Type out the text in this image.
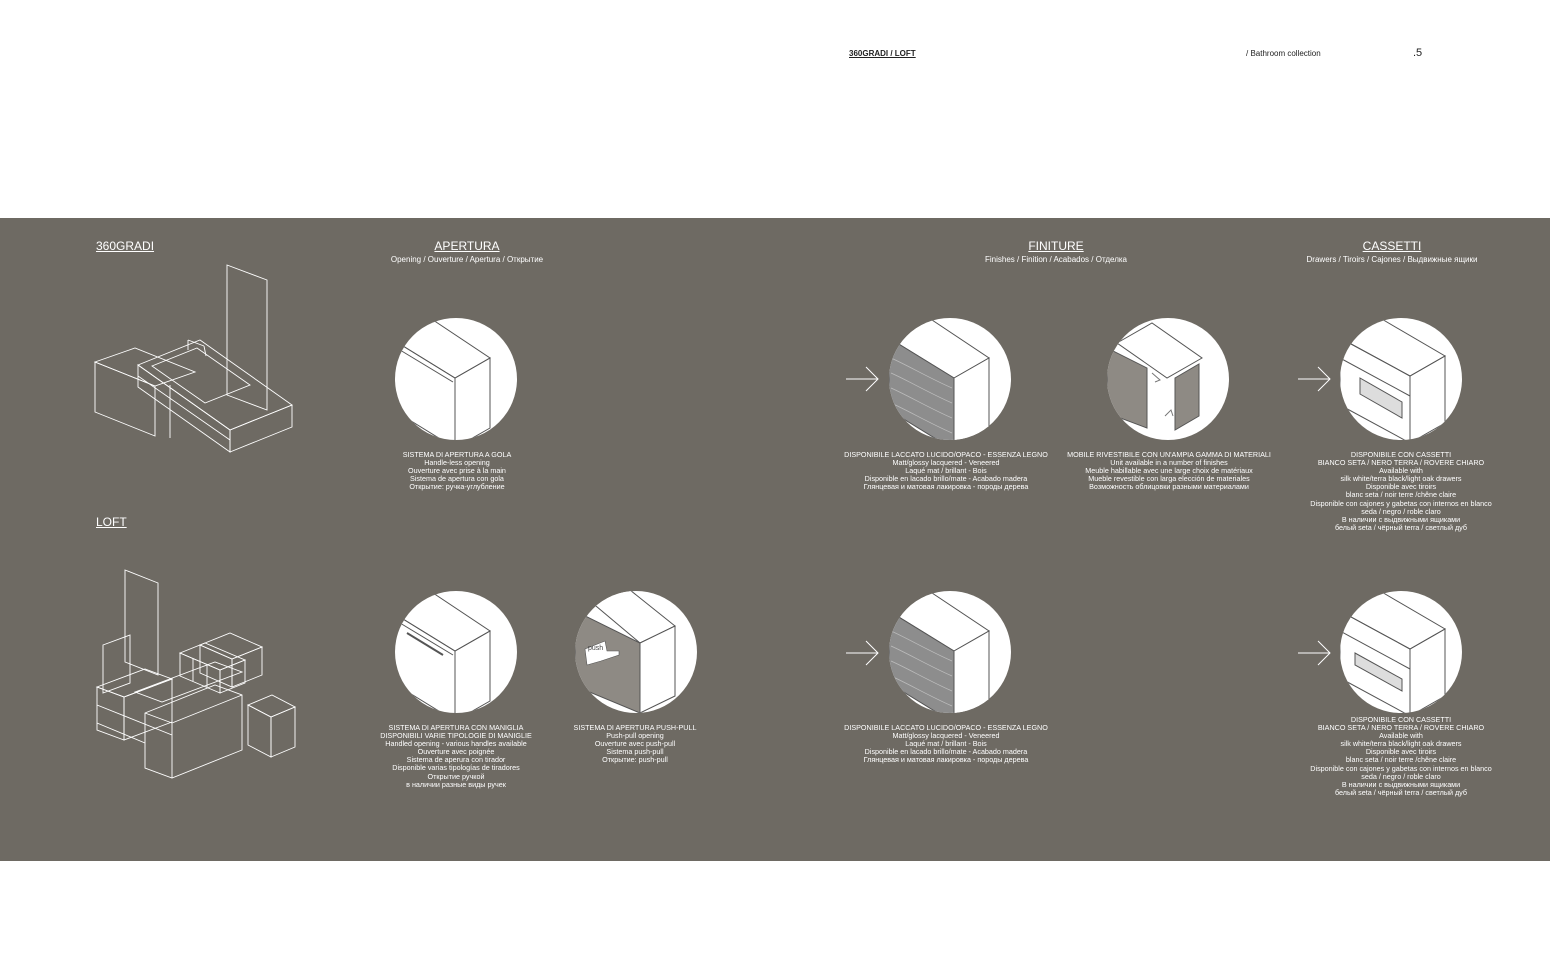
360GRADI / LOFT	/ Bathroom collection	.5
360GRADI
LOFT
APERTURA
Opening / Ouverture / Apertura / Открытие
FINITURE
Finishes / Finition / Acabados / Отделка
CASSETTI
Drawers / Tiroirs / Cajones / Выдвижные ящики
SISTEMA DI APERTURA A GOLA
Handle-less opening
Ouverture avec prise à la main
Sistema de apertura con gola
Открытие: ручка-углубление
DISPONIBILE LACCATO LUCIDO/OPACO - ESSENZA LEGNO
Matt/glossy lacquered - Veneered
Laqué mat / brillant - Bois
Disponible en lacado brillo/mate - Acabado madera
Глянцевая и матовая лакировка - породы дерева
MOBILE RIVESTIBILE CON UN'AMPIA GAMMA DI MATERIALI
Unit available in a number of finishes
Meuble habillable avec une large choix de matériaux
Mueble revestible con larga elección de materiales
Возможность облицовки разными материалами
DISPONIBILE CON CASSETTI
BIANCO SETA / NERO TERRA / ROVERE CHIARO
Available with
silk white/terra black/light oak drawers
Disponible avec tiroirs
blanc seta / noir terre /chêne claire
Disponible con cajones y gabetas con internos en blanco
seda / negro / roble claro
В наличии с выдвижными ящиками
белый seta / чёрный terra / светлый дуб
push
SISTEMA DI APERTURA CON MANIGLIA
DISPONIBILI VARIE TIPOLOGIE DI MANIGLIE
Handled opening - various handles available
Ouverture avec poignée
Sistema de aperura con tirador
Disponible varias tipologías de tiradores
Открытие ручкой
в наличии разные виды ручек
SISTEMA DI APERTURA PUSH-PULL
Push-pull opening
Ouverture avec push-pull
Sistema push-pull
Открытие: push-pull
DISPONIBILE LACCATO LUCIDO/OPACO - ESSENZA LEGNO
Matt/glossy lacquered - Veneered
Laqué mat / brillant - Bois
Disponible en lacado brillo/mate - Acabado madera
Глянцевая и матовая лакировка - породы дерева
DISPONIBILE CON CASSETTI
BIANCO SETA / NERO TERRA / ROVERE CHIARO
Available with
silk white/terra black/light oak drawers
Disponible avec tiroirs
blanc seta / noir terre /chêne claire
Disponible con cajones y gabetas con internos en blanco
seda / negro / roble claro
В наличии с выдвижными ящиками
белый seta / чёрный terra / светлый дуб
